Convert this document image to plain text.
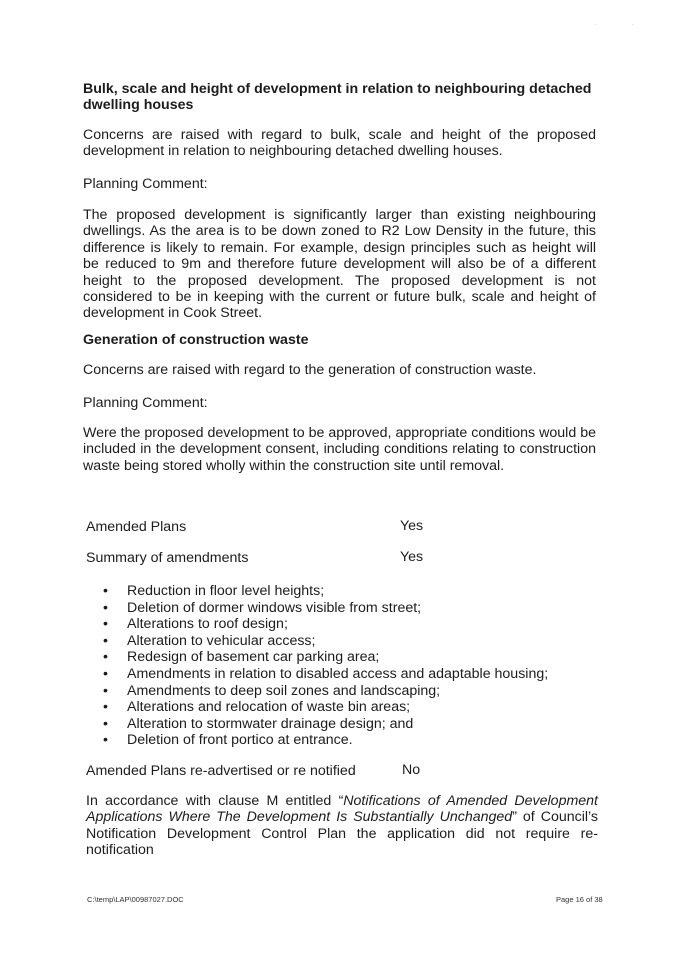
·	·
Bulk, scale and height of development in relation to neighbouring detached dwelling houses
Concerns are raised with regard to bulk, scale and height of the proposed development in relation to neighbouring detached dwelling houses.
Planning Comment:
The proposed development is significantly larger than existing neighbouring dwellings. As the area is to be down zoned to R2 Low Density in the future, this difference is likely to remain. For example, design principles such as height will be reduced to 9m and therefore future development will also be of a different height to the proposed development. The proposed development is not considered to be in keeping with the current or future bulk, scale and height of development in Cook Street.
Generation of construction waste
Concerns are raised with regard to the generation of construction waste.
Planning Comment:
Were the proposed development to be approved, appropriate conditions would be included in the development consent, including conditions relating to construction waste being stored wholly within the construction site until removal.
Amended Plans	Yes
Summary of amendments	Yes
• Reduction in floor level heights;
• Deletion of dormer windows visible from street;
• Alterations to roof design;
• Alteration to vehicular access;
• Redesign of basement car parking area;
• Amendments in relation to disabled access and adaptable housing;
• Amendments to deep soil zones and landscaping;
• Alterations and relocation of waste bin areas;
• Alteration to stormwater drainage design; and
• Deletion of front portico at entrance.
Amended Plans re-advertised or re notified	No
In accordance with clause M entitled “Notifications of Amended Development Applications Where The Development Is Substantially Unchanged” of Council’s Notification Development Control Plan the application did not require re-notification
C:\temp\LAP\00987027.DOC	Page 16 of 38
